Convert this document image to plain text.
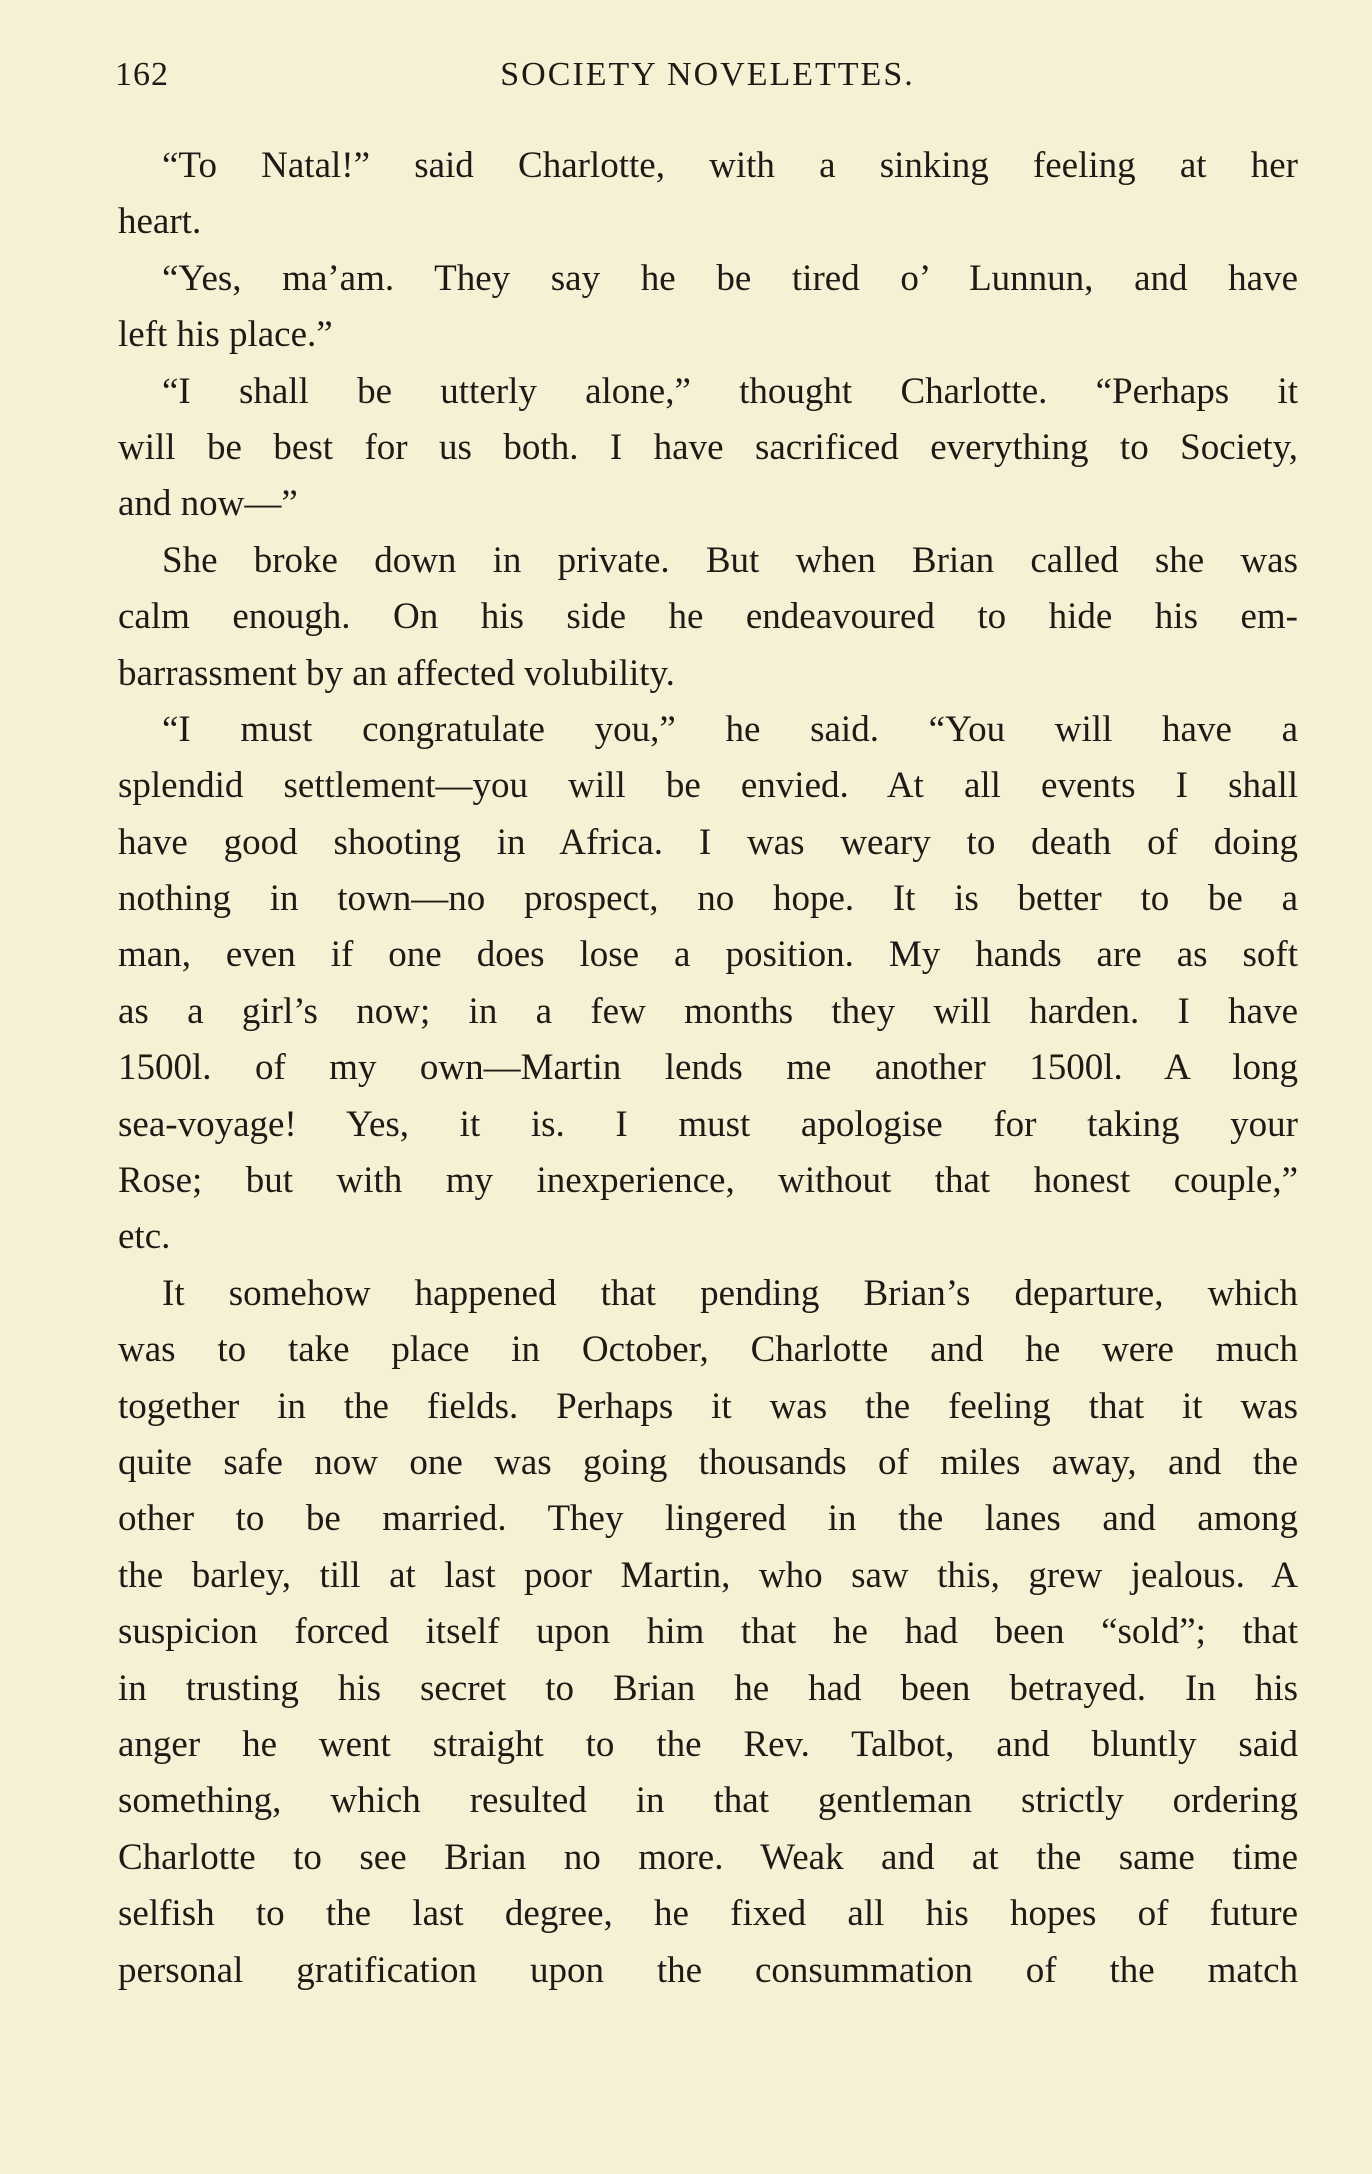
162	SOCIETY NOVELETTES.
“To Natal!” said Charlotte, with a sinking feeling at her
heart.
“Yes, ma’am. They say he be tired o’ Lunnun, and have
left his place.”
“I shall be utterly alone,” thought Charlotte. “Perhaps it
will be best for us both. I have sacrificed everything to Society,
and now—”
She broke down in private. But when Brian called she was
calm enough. On his side he endeavoured to hide his em-
barrassment by an affected volubility.
“I must congratulate you,” he said. “You will have a
splendid settlement—you will be envied. At all events I shall
have good shooting in Africa. I was weary to death of doing
nothing in town—no prospect, no hope. It is better to be a
man, even if one does lose a position. My hands are as soft
as a girl’s now; in a few months they will harden. I have
1500l. of my own—Martin lends me another 1500l. A long
sea-voyage! Yes, it is. I must apologise for taking your
Rose; but with my inexperience, without that honest couple,”
etc.
It somehow happened that pending Brian’s departure, which
was to take place in October, Charlotte and he were much
together in the fields. Perhaps it was the feeling that it was
quite safe now one was going thousands of miles away, and the
other to be married. They lingered in the lanes and among
the barley, till at last poor Martin, who saw this, grew jealous. A
suspicion forced itself upon him that he had been “sold”; that
in trusting his secret to Brian he had been betrayed. In his
anger he went straight to the Rev. Talbot, and bluntly said
something, which resulted in that gentleman strictly ordering
Charlotte to see Brian no more. Weak and at the same time
selfish to the last degree, he fixed all his hopes of future
personal gratification upon the consummation of the match
